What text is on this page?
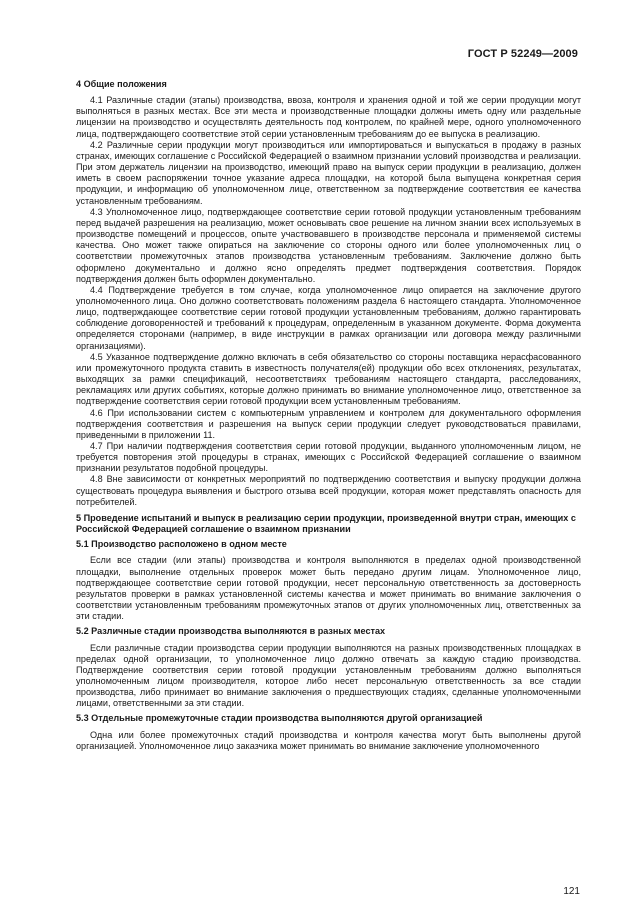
ГОСТ Р 52249—2009
4 Общие положения

4.1 Различные стадии (этапы) производства, ввоза, контроля и хранения одной и той же серии продукции могут выполняться в разных местах. Все эти места и производственные площадки должны иметь одну или раздельные лицензии на производство и осуществлять деятельность под контролем, по крайней мере, одного уполномоченного лица, подтверждающего соответствие этой серии установленным требованиям до ее выпуска в реализацию.

4.2 Различные серии продукции могут производиться или импортироваться и выпускаться в продажу в разных странах, имеющих соглашение с Российской Федерацией о взаимном признании условий производства и реализации. При этом держатель лицензии на производство, имеющий право на выпуск серии продукции в реализацию, должен иметь в своем распоряжении точное указание адреса площадки, на которой была выпущена конкретная серия продукции, и информацию об уполномоченном лице, ответственном за подтверждение соответствия ее качества установленным требованиям.

4.3 Уполномоченное лицо, подтверждающее соответствие серии готовой продукции установленным требованиям перед выдачей разрешения на реализацию, может основывать свое решение на личном знании всех используемых в производстве помещений и процессов, опыте участвовавшего в производстве персонала и применяемой системы качества. Оно может также опираться на заключение со стороны одного или более уполномоченных лиц о соответствии промежуточных этапов производства установленным требованиям. Заключение должно быть оформлено документально и должно ясно определять предмет подтверждения соответствия. Порядок подтверждения должен быть оформлен документально.

4.4 Подтверждение требуется в том случае, когда уполномоченное лицо опирается на заключение другого уполномоченного лица. Оно должно соответствовать положениям раздела 6 настоящего стандарта. Уполномоченное лицо, подтверждающее соответствие серии готовой продукции установленным требованиям, должно гарантировать соблюдение договоренностей и требований к процедурам, определенным в указанном документе. Форма документа определяется сторонами (например, в виде инструкции в рамках организации или договора между различными организациями).

4.5 Указанное подтверждение должно включать в себя обязательство со стороны поставщика нерасфасованного или промежуточного продукта ставить в известность получателя(ей) продукции обо всех отклонениях, результатах, выходящих за рамки спецификаций, несоответствиях требованиям настоящего стандарта, расследованиях, рекламациях или других событиях, которые должно принимать во внимание уполномоченное лицо, ответственное за подтверждение соответствия серии готовой продукции всем установленным требованиям.

4.6 При использовании систем с компьютерным управлением и контролем для документального оформления подтверждения соответствия и разрешения на выпуск серии продукции следует руководствоваться правилами, приведенными в приложении 11.

4.7 При наличии подтверждения соответствия серии готовой продукции, выданного уполномоченным лицом, не требуется повторения этой процедуры в странах, имеющих с Российской Федерацией соглашение о взаимном признании результатов подобной процедуры.

4.8 Вне зависимости от конкретных мероприятий по подтверждению соответствия и выпуску продукции должна существовать процедура выявления и быстрого отзыва всей продукции, которая может представлять опасность для потребителей.

5 Проведение испытаний и выпуск в реализацию серии продукции, произведенной внутри стран, имеющих с Российской Федерацией соглашение о взаимном признании
5.1 Производство расположено в одном месте

Если все стадии (или этапы) производства и контроля выполняются в пределах одной производственной площадки, выполнение отдельных проверок может быть передано другим лицам. Уполномоченное лицо, подтверждающее соответствие серии готовой продукции, несет персональную ответственность за достоверность результатов проверки в рамках установленной системы качества и может принимать во внимание заключения о соответствии установленным требованиям промежуточных этапов от других уполномоченных лиц, ответственных за эти стадии.

5.2 Различные стадии производства выполняются в разных местах

Если различные стадии производства серии продукции выполняются на разных производственных площадках в пределах одной организации, то уполномоченное лицо должно отвечать за каждую стадию производства. Подтверждение соответствия серии готовой продукции установленным требованиям должно выполняться уполномоченным лицом производителя, которое либо несет персональную ответственность за все стадии производства, либо принимает во внимание заключения о предшествующих стадиях, сделанные уполномоченными лицами, ответственными за эти стадии.

5.3 Отдельные промежуточные стадии производства выполняются другой организацией

Одна или более промежуточных стадий производства и контроля качества могут быть выполнены другой организацией. Уполномоченное лицо заказчика может принимать во внимание заключение уполномоченного

121
